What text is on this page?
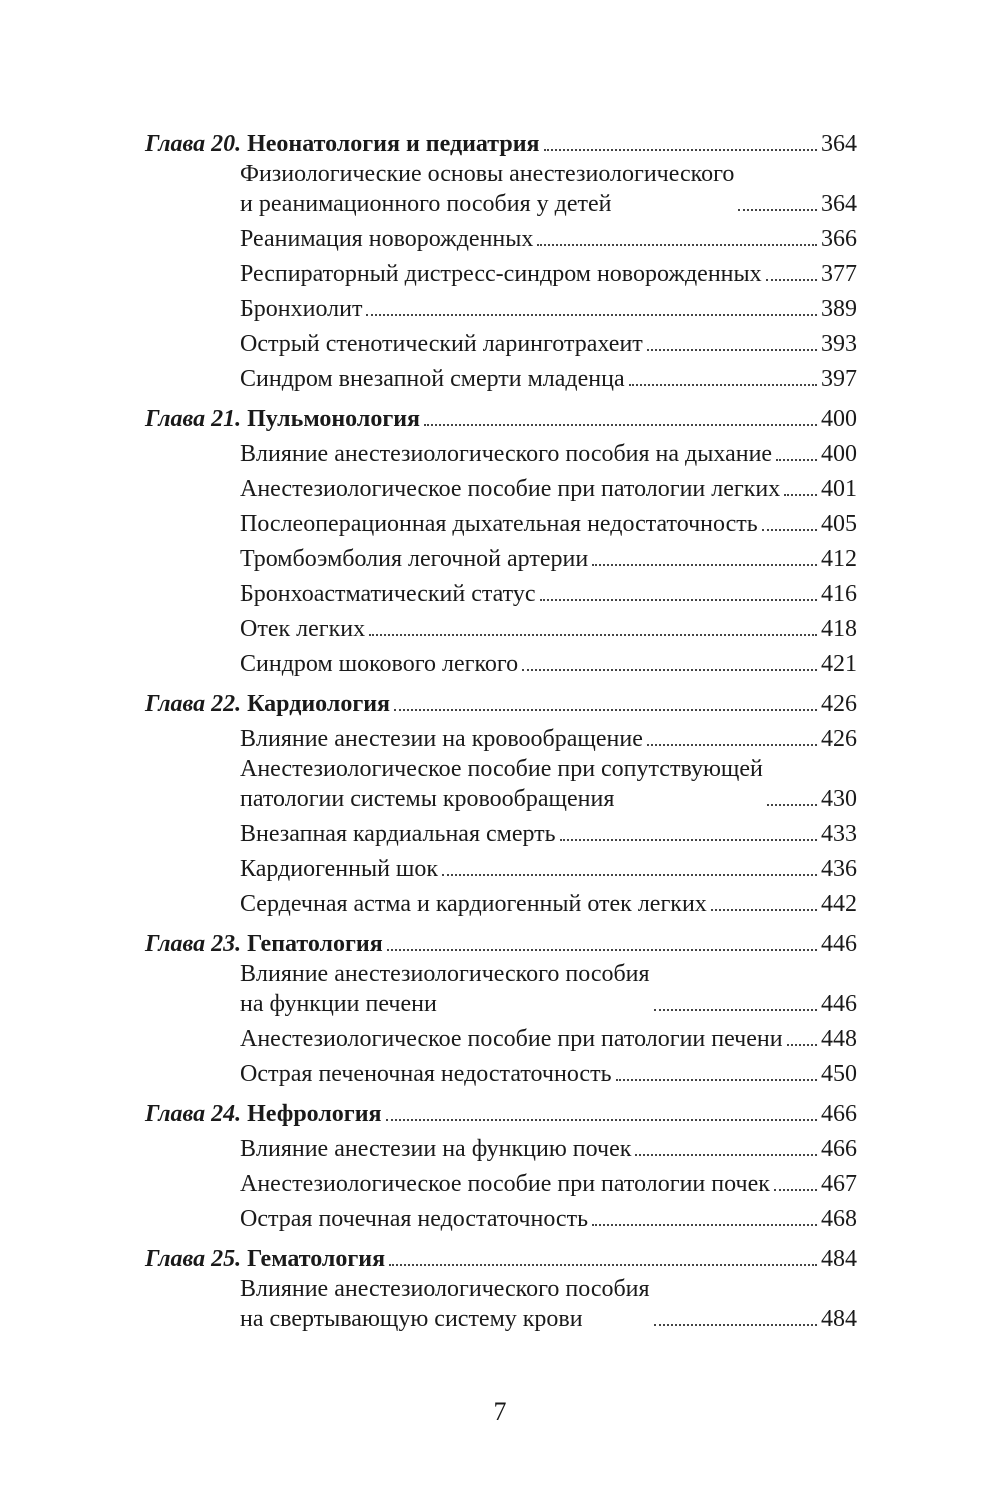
Глава 20. Неонатология и педиатрия	364
Физиологические основы анестезиологического
и реанимационного пособия у детей	364
Реанимация новорожденных	366
Респираторный дистресс-синдром новорожденных 377
Бронхиолит	389
Острый стенотический ларинготрахеит	393
Синдром внезапной смерти младенца	397
Глава 21. Пульмонология	400
Влияние анестезиологического пособия на дыхание 400
Анестезиологическое пособие при патологии легких 401
Послеоперационная дыхательная недостаточность	405
Тромбоэмболия легочной артерии	412
Бронхоастматический статус	416
Отек легких	418
Синдром шокового легкого	421
Глава 22. Кардиология	426
Влияние анестезии на кровообращение	426
Анестезиологическое пособие при сопутствующей
патологии системы кровообращения	430
Внезапная кардиальная смерть	433
Кардиогенный шок	436
Сердечная астма и кардиогенный отек легких	442
Глава 23. Гепатология	446
Влияние анестезиологического пособия
на функции печени	446
Анестезиологическое пособие при патологии печени 448
Острая печеночная недостаточность	450
Глава 24. Нефрология	466
Влияние анестезии на функцию почек	466
Анестезиологическое пособие при патологии почек 467
Острая почечная недостаточность	468
Глава 25. Гематология	484
Влияние анестезиологического пособия
на свертывающую систему крови	484
7
